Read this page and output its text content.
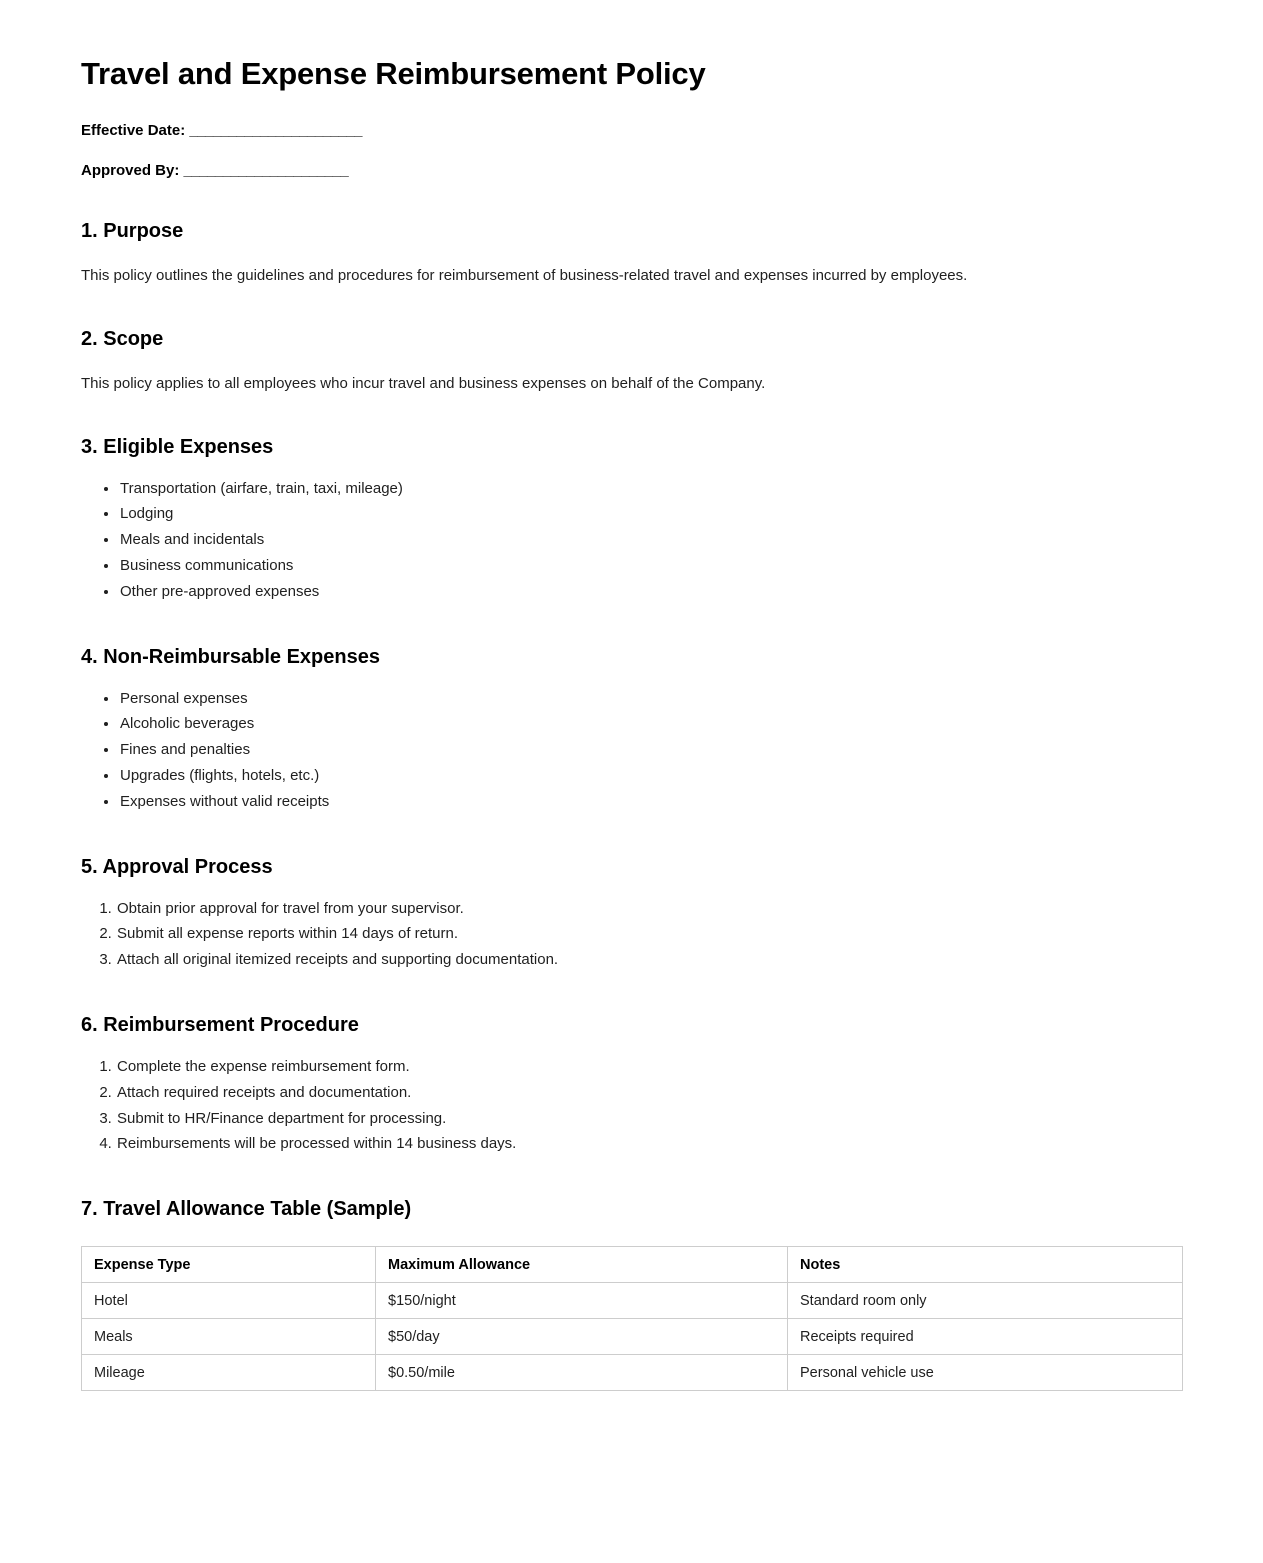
Travel and Expense Reimbursement Policy
Effective Date: ______________________
Approved By: _____________________
1. Purpose

This policy outlines the guidelines and procedures for reimbursement of business-related travel and expenses incurred by employees.

2. Scope

This policy applies to all employees who incur travel and business expenses on behalf of the Company.

3. Eligible Expenses
• Transportation (airfare, train, taxi, mileage)
• Lodging
• Meals and incidentals
• Business communications
• Other pre-approved expenses
4. Non-Reimbursable Expenses
• Personal expenses
• Alcoholic beverages
• Fines and penalties
• Upgrades (flights, hotels, etc.)
• Expenses without valid receipts
5. Approval Process
1. Obtain prior approval for travel from your supervisor.
2. Submit all expense reports within 14 days of return.
3. Attach all original itemized receipts and supporting documentation.
6. Reimbursement Procedure
1. Complete the expense reimbursement form.
2. Attach required receipts and documentation.
3. Submit to HR/Finance department for processing.
4. Reimbursements will be processed within 14 business days.
7. Travel Allowance Table (Sample)
Expense Type	Maximum Allowance	Notes
Hotel	$150/night	Standard room only
Meals	$50/day	Receipts required
Mileage	$0.50/mile	Personal vehicle use
